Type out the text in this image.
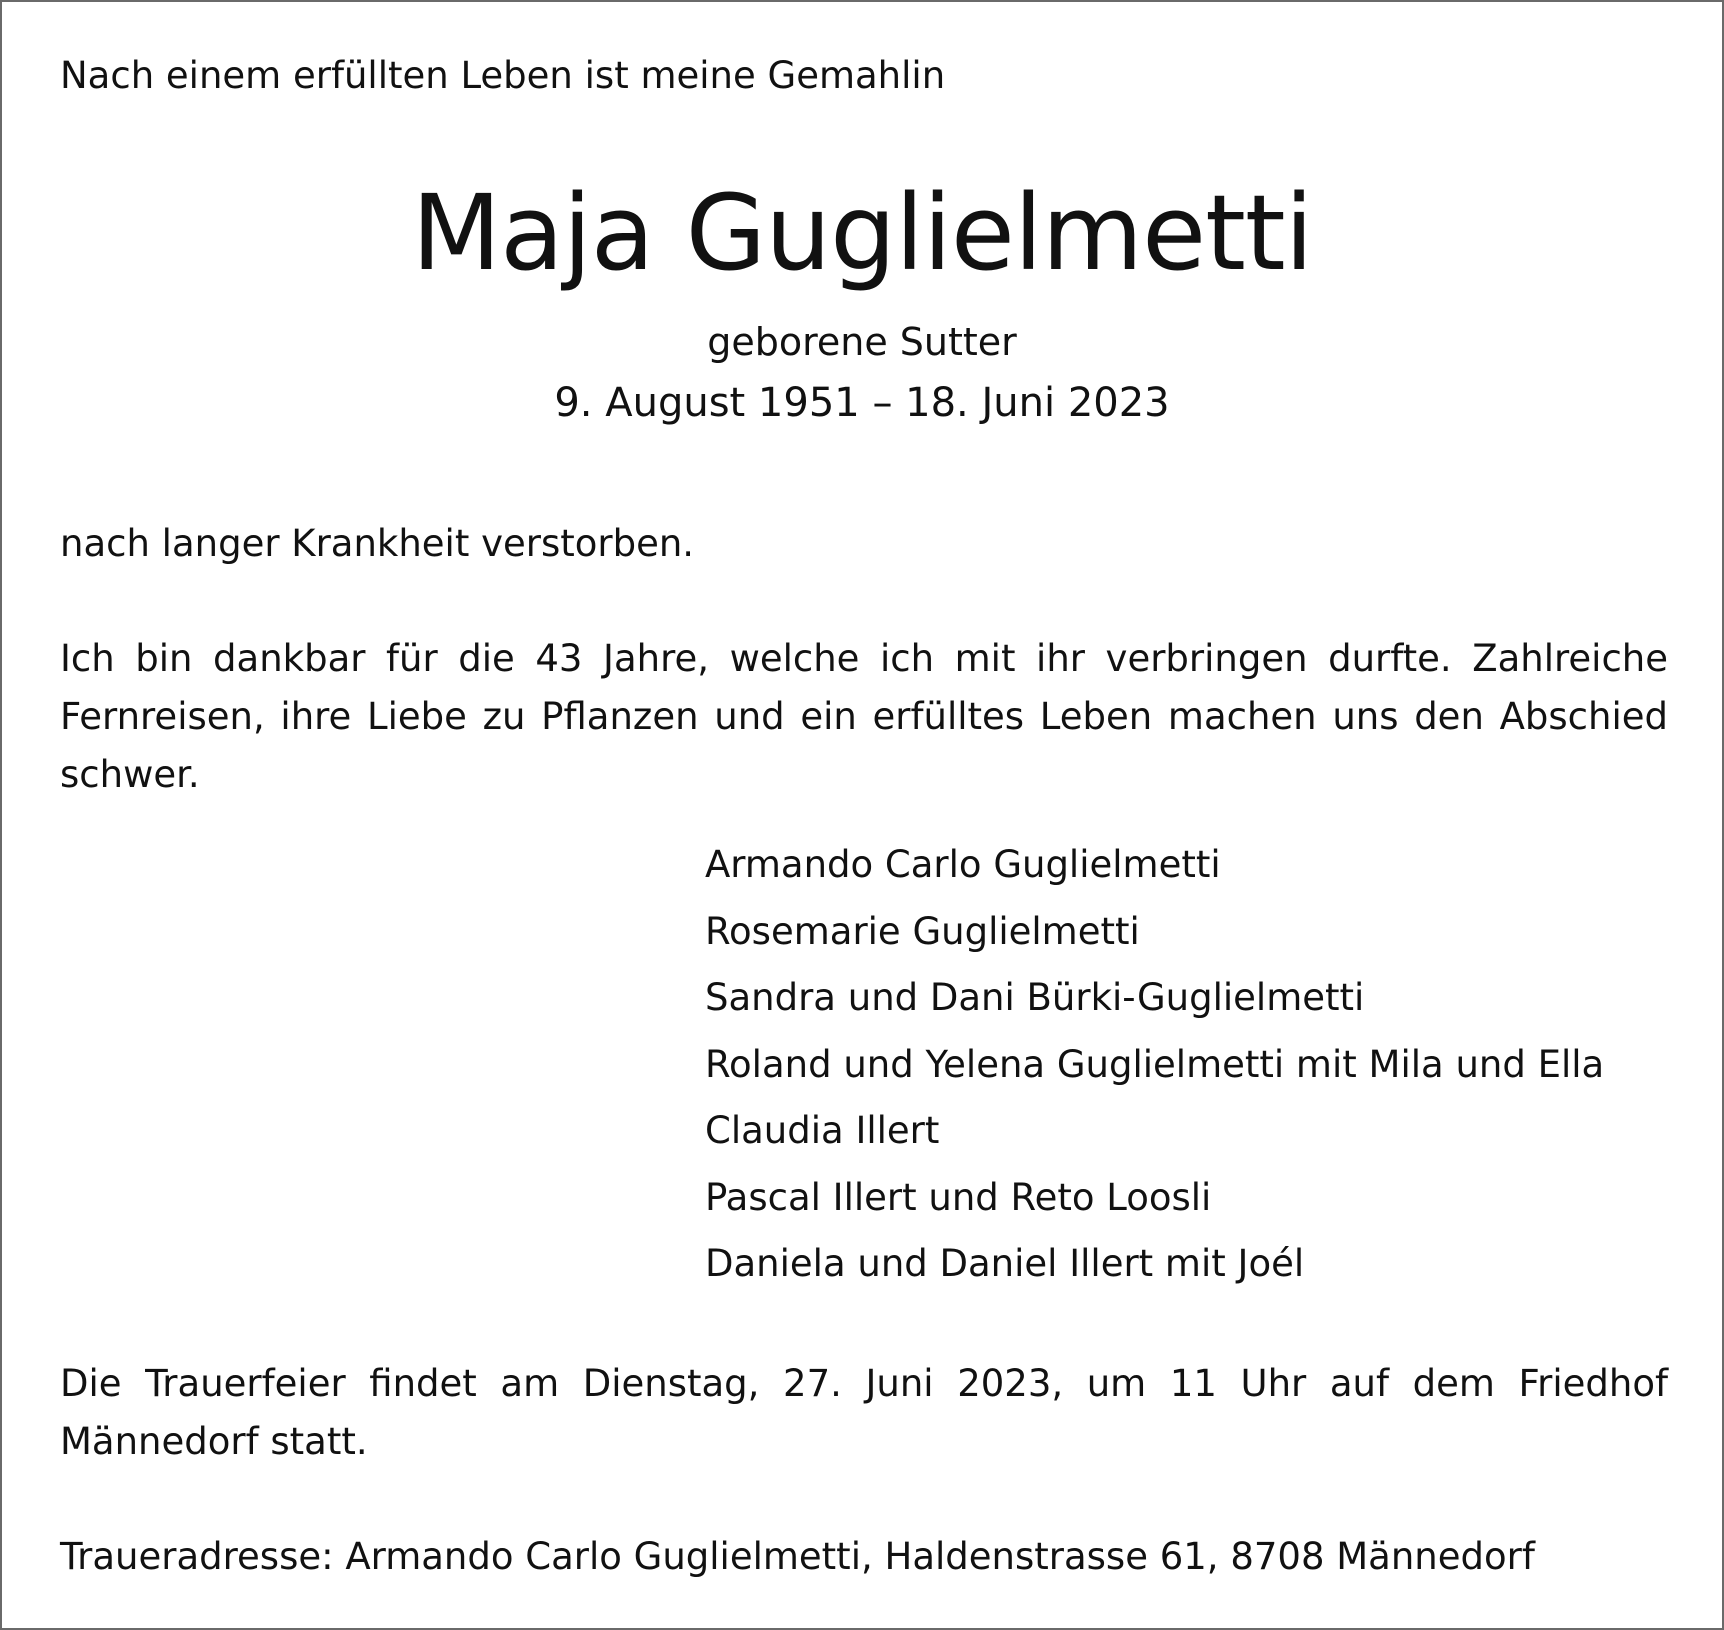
Nach einem erfüllten Leben ist meine Gemahlin
Maja Guglielmetti
geborene Sutter
9. August 1951 – 18. Juni 2023
nach langer Krankheit verstorben.

Ich bin dankbar für die 43 Jahre, welche ich mit ihr verbringen durfte. Zahlreiche Fernreisen, ihre Liebe zu Pflanzen und ein erfülltes Leben machen uns den Abschied schwer.

Armando Carlo Guglielmetti
Rosemarie Guglielmetti
Sandra und Dani Bürki-Guglielmetti
Roland und Yelena Guglielmetti mit Mila und Ella
Claudia Illert
Pascal Illert und Reto Loosli
Daniela und Daniel Illert mit Joél

Die Trauerfeier findet am Dienstag, 27. Juni 2023, um 11 Uhr auf dem Friedhof Männedorf statt.

Traueradresse: Armando Carlo Guglielmetti, Haldenstrasse 61, 8708 Männedorf
